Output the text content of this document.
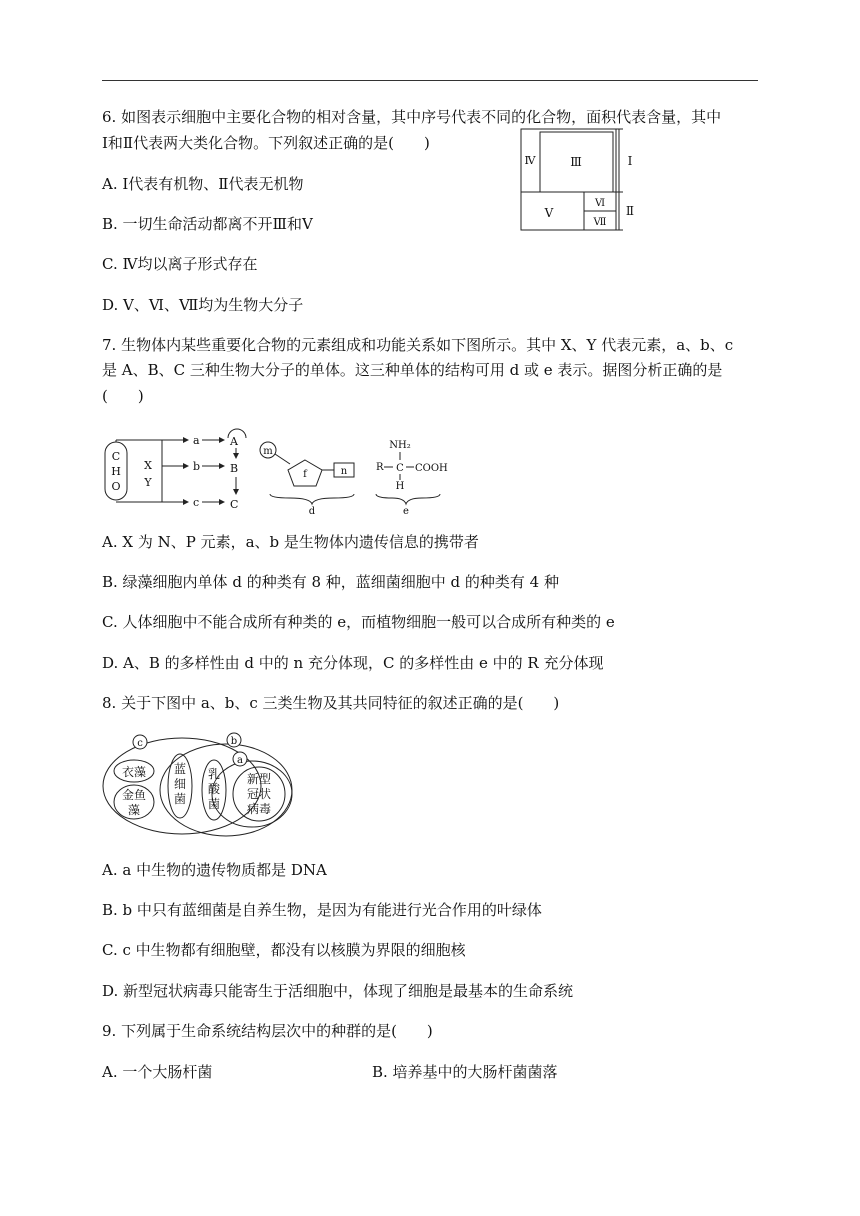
6. 如图表示细胞中主要化合物的相对含量，其中序号代表不同的化合物，面积代表含量，其中
Ⅰ和Ⅱ代表两大类化合物。下列叙述正确的是(　　)
A. Ⅰ代表有机物、Ⅱ代表无机物
B. 一切生命活动都离不开Ⅲ和Ⅴ
C. Ⅳ均以离子形式存在
D. Ⅴ、Ⅵ、Ⅶ均为生物大分子
Ⅳ	Ⅲ
Ⅴ
Ⅵ
Ⅶ
Ⅰ
Ⅱ
7. 生物体内某些重要化合物的元素组成和功能关系如下图所示。其中 X、Y 代表元素，a、b、c
是 A、B、C 三种生物大分子的单体。这三种单体的结构可用 d 或 e 表示。据图分析正确的是
(　　)
C
H
O
X
Y
a
b
c
A
B
C
m
f	n
d
NH₂
R C COOH
H
e
A. X 为 N、P 元素，a、b 是生物体内遗传信息的携带者
B. 绿藻细胞内单体 d 的种类有 8 种，蓝细菌细胞中 d 的种类有 4 种
C. 人体细胞中不能合成所有种类的 e，而植物细胞一般可以合成所有种类的 e
D. A、B 的多样性由 d 中的 n 充分体现，C 的多样性由 e 中的 R 充分体现
8. 关于下图中 a、b、c 三类生物及其共同特征的叙述正确的是(　　)
c	b
a
衣藻
金鱼
藻
蓝
细
菌
乳
酸
菌
新型
冠状
病毒
A. a 中生物的遗传物质都是 DNA
B. b 中只有蓝细菌是自养生物，是因为有能进行光合作用的叶绿体
C. c 中生物都有细胞壁，都没有以核膜为界限的细胞核
D. 新型冠状病毒只能寄生于活细胞中，体现了细胞是最基本的生命系统
9. 下列属于生命系统结构层次中的种群的是(　　)
A. 一个大肠杆菌	B. 培养基中的大肠杆菌菌落
